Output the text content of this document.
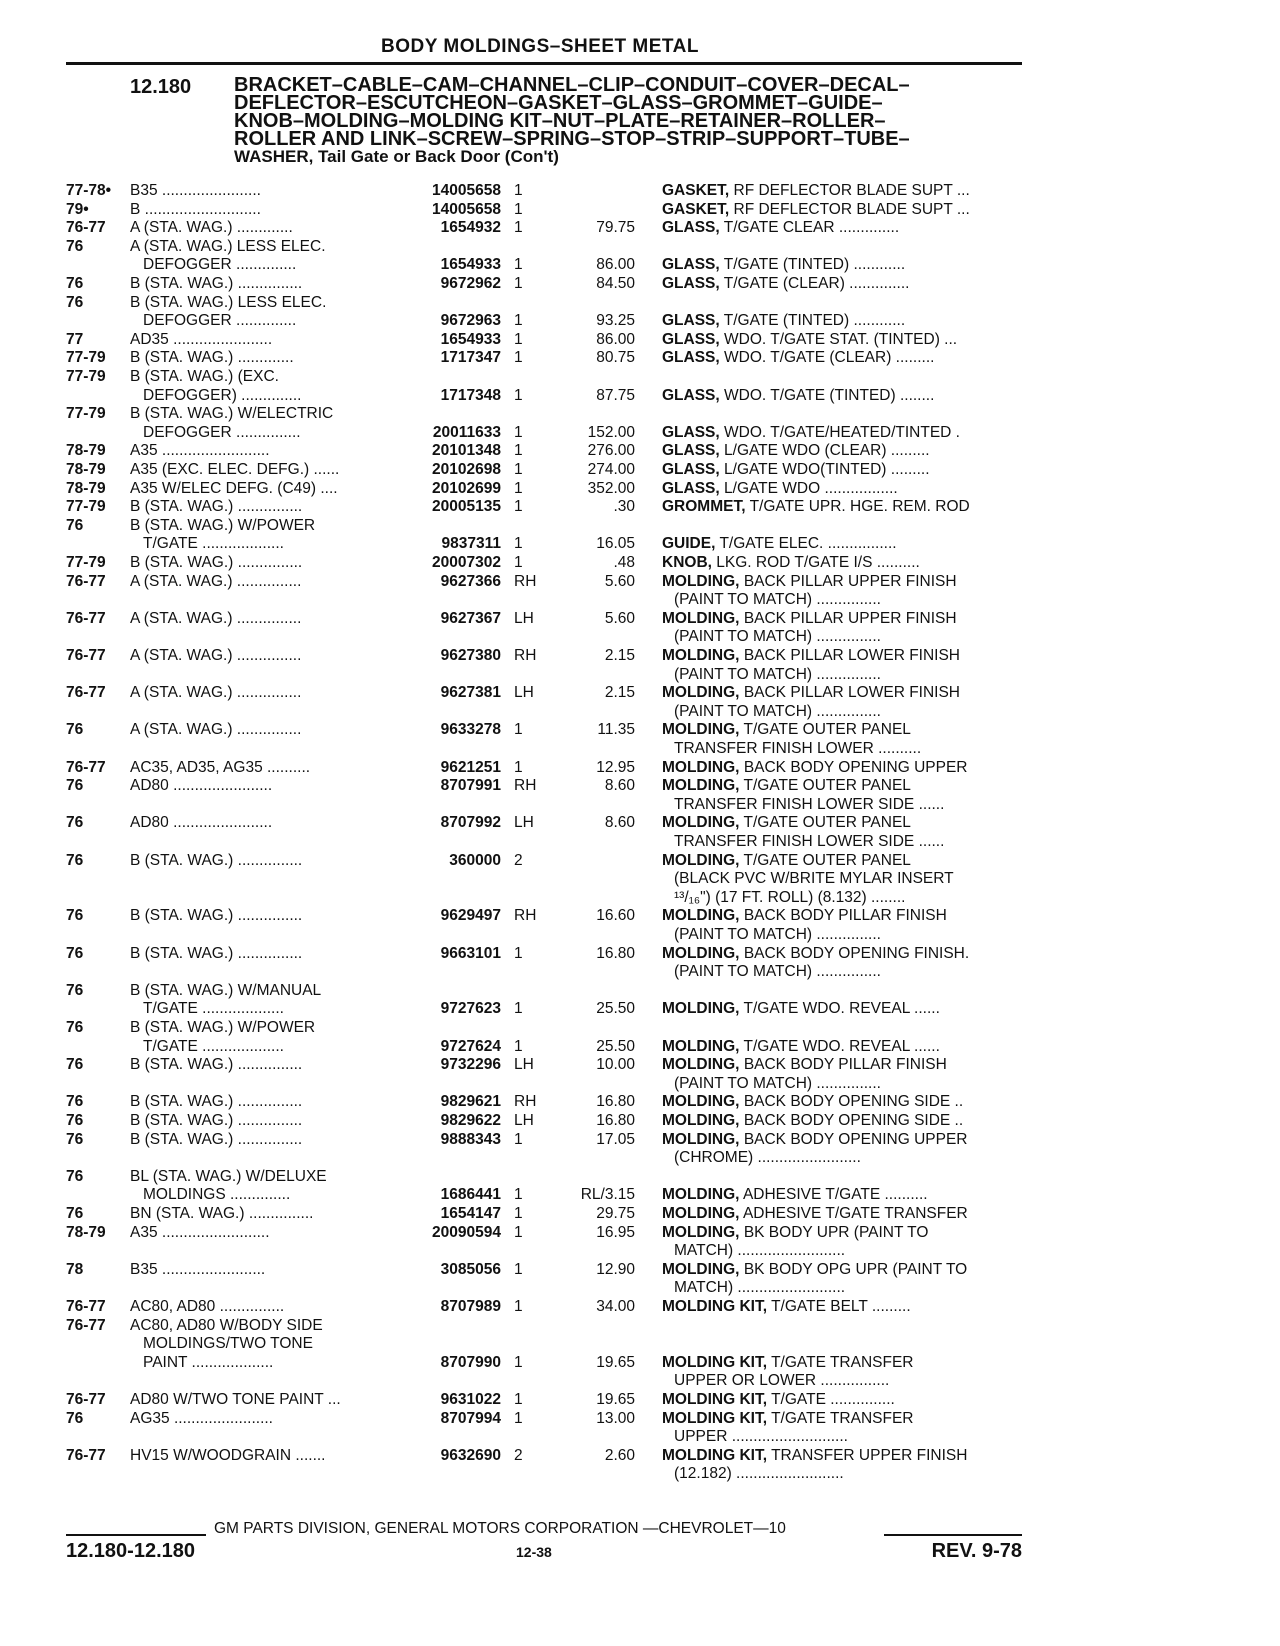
BODY MOLDINGS–SHEET METAL
12.180 BRACKET–CABLE–CAM–CHANNEL–CLIP–CONDUIT–COVER–DECAL–
DEFLECTOR–ESCUTCHEON–GASKET–GLASS–GROMMET–GUIDE–
KNOB–MOLDING–MOLDING KIT–NUT–PLATE–RETAINER–ROLLER–
ROLLER AND LINK–SCREW–SPRING–STOP–STRIP–SUPPORT–TUBE–
WASHER, Tail Gate or Back Door (Con't)
77-78• B35 .......................	14005658 1	GASKET, RF DEFLECTOR BLADE SUPT ...
79•	B ...........................	14005658 1	GASKET, RF DEFLECTOR BLADE SUPT ...
76-77 A (STA. WAG.) .............	1654932 1	79.75 GLASS, T/GATE CLEAR ..............
76	A (STA. WAG.) LESS ELEC.
DEFOGGER ..............	1654933 1	86.00 GLASS, T/GATE (TINTED) ............
76	B (STA. WAG.) ...............	9672962 1	84.50 GLASS, T/GATE (CLEAR) ..............
76	B (STA. WAG.) LESS ELEC.
DEFOGGER ..............	9672963 1	93.25 GLASS, T/GATE (TINTED) ............
77	AD35 .......................	1654933 1	86.00 GLASS, WDO. T/GATE STAT. (TINTED) ...
77-79 B (STA. WAG.) .............	1717347 1	80.75 GLASS, WDO. T/GATE (CLEAR) .........
77-79 B (STA. WAG.) (EXC.
DEFOGGER) ..............	1717348 1	87.75 GLASS, WDO. T/GATE (TINTED) ........
77-79 B (STA. WAG.) W/ELECTRIC
DEFOGGER ...............	20011633 1	152.00 GLASS, WDO. T/GATE/HEATED/TINTED .
78-79 A35 .........................	20101348 1	276.00 GLASS, L/GATE WDO (CLEAR) .........
78-79 A35 (EXC. ELEC. DEFG.) ......	20102698 1	274.00 GLASS, L/GATE WDO(TINTED) .........
78-79 A35 W/ELEC DEFG. (C49) ....	20102699 1	352.00 GLASS, L/GATE WDO .................
77-79 B (STA. WAG.) ...............	20005135 1	.30 GROMMET, T/GATE UPR. HGE. REM. ROD
76	B (STA. WAG.) W/POWER
T/GATE ...................	9837311 1	16.05 GUIDE, T/GATE ELEC. ................
77-79 B (STA. WAG.) ...............	20007302 1	.48 KNOB, LKG. ROD T/GATE I/S ..........
76-77 A (STA. WAG.) ...............	9627366 RH	5.60 MOLDING, BACK PILLAR UPPER FINISH
(PAINT TO MATCH) ...............
76-77 A (STA. WAG.) ...............	9627367 LH	5.60 MOLDING, BACK PILLAR UPPER FINISH
(PAINT TO MATCH) ...............
76-77 A (STA. WAG.) ...............	9627380 RH	2.15 MOLDING, BACK PILLAR LOWER FINISH
(PAINT TO MATCH) ...............
76-77 A (STA. WAG.) ...............	9627381 LH	2.15 MOLDING, BACK PILLAR LOWER FINISH
(PAINT TO MATCH) ...............
76	A (STA. WAG.) ...............	9633278 1	11.35 MOLDING, T/GATE OUTER PANEL
TRANSFER FINISH LOWER ..........
76-77 AC35, AD35, AG35 ..........	9621251 1	12.95 MOLDING, BACK BODY OPENING UPPER
76	AD80 .......................	8707991 RH	8.60 MOLDING, T/GATE OUTER PANEL
TRANSFER FINISH LOWER SIDE ......
76	AD80 .......................	8707992 LH	8.60 MOLDING, T/GATE OUTER PANEL
TRANSFER FINISH LOWER SIDE ......
76	B (STA. WAG.) ...............	360000 2	MOLDING, T/GATE OUTER PANEL
(BLACK PVC W/BRITE MYLAR INSERT
¹³/₁₆") (17 FT. ROLL) (8.132) ........
76	B (STA. WAG.) ...............	9629497 RH	16.60 MOLDING, BACK BODY PILLAR FINISH
(PAINT TO MATCH) ...............
76	B (STA. WAG.) ...............	9663101 1	16.80 MOLDING, BACK BODY OPENING FINISH.
(PAINT TO MATCH) ...............
76	B (STA. WAG.) W/MANUAL
T/GATE ...................	9727623 1	25.50 MOLDING, T/GATE WDO. REVEAL ......
76	B (STA. WAG.) W/POWER
T/GATE ...................	9727624 1	25.50 MOLDING, T/GATE WDO. REVEAL ......
76	B (STA. WAG.) ...............	9732296 LH	10.00 MOLDING, BACK BODY PILLAR FINISH
(PAINT TO MATCH) ...............
76	B (STA. WAG.) ...............	9829621 RH	16.80 MOLDING, BACK BODY OPENING SIDE ..
76	B (STA. WAG.) ...............	9829622 LH	16.80 MOLDING, BACK BODY OPENING SIDE ..
76	B (STA. WAG.) ...............	9888343 1	17.05 MOLDING, BACK BODY OPENING UPPER
(CHROME) ........................
76	BL (STA. WAG.) W/DELUXE
MOLDINGS ..............	1686441 1	RL/3.15 MOLDING, ADHESIVE T/GATE ..........
76	BN (STA. WAG.) ...............	1654147 1	29.75 MOLDING, ADHESIVE T/GATE TRANSFER
78-79 A35 .........................	20090594 1	16.95 MOLDING, BK BODY UPR (PAINT TO
MATCH) .........................
78	B35 ........................	3085056 1	12.90 MOLDING, BK BODY OPG UPR (PAINT TO
MATCH) .........................
76-77 AC80, AD80 ...............	8707989 1	34.00 MOLDING KIT, T/GATE BELT .........
76-77 AC80, AD80 W/BODY SIDE
MOLDINGS/TWO TONE
PAINT ...................	8707990 1	19.65 MOLDING KIT, T/GATE TRANSFER
UPPER OR LOWER ................
76-77 AD80 W/TWO TONE PAINT ...	9631022 1	19.65 MOLDING KIT, T/GATE ...............
76	AG35 .......................	8707994 1	13.00 MOLDING KIT, T/GATE TRANSFER
UPPER ...........................
76-77 HV15 W/WOODGRAIN .......	9632690 2	2.60 MOLDING KIT, TRANSFER UPPER FINISH
(12.182) .........................
GM PARTS DIVISION, GENERAL MOTORS CORPORATION —CHEVROLET—10
12.180-12.180	12-38	REV. 9-78
